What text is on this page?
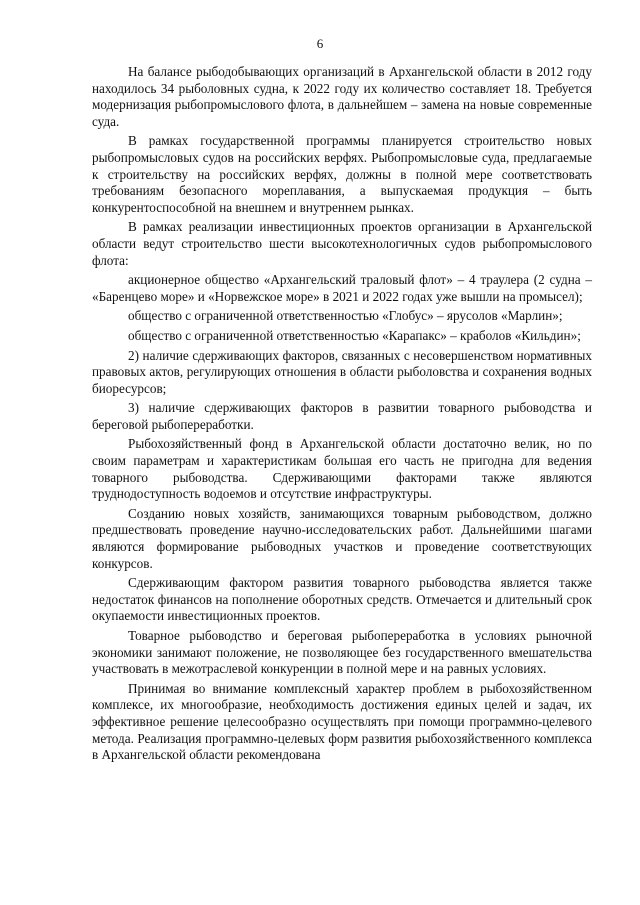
6

На балансе рыбодобывающих организаций в Архангельской области в 2012 году находилось 34 рыболовных судна, к 2022 году их количество составляет 18. Требуется модернизация рыбопромыслового флота, в дальнейшем – замена на новые современные суда.

В рамках государственной программы планируется строительство новых рыбопромысловых судов на российских верфях. Рыбопромысловые суда, предлагаемые к строительству на российских верфях, должны в полной мере соответствовать требованиям безопасного мореплавания, а выпускаемая продукция – быть конкурентоспособной на внешнем и внутреннем рынках.

В рамках реализации инвестиционных проектов организации в Архангельской области ведут строительство шести высокотехнологичных судов рыбопромыслового флота:

акционерное общество «Архангельский траловый флот» – 4 траулера (2 судна – «Баренцево море» и «Норвежское море» в 2021 и 2022 годах уже вышли на промысел);

общество с ограниченной ответственностью «Глобус» – ярусолов «Марлин»;

общество с ограниченной ответственностью «Карапакс» – краболов «Кильдин»;

2) наличие сдерживающих факторов, связанных с несовершенством нормативных правовых актов, регулирующих отношения в области рыболовства и сохранения водных биоресурсов;

3) наличие сдерживающих факторов в развитии товарного рыбоводства и береговой рыбопереработки.

Рыбохозяйственный фонд в Архангельской области достаточно велик, но по своим параметрам и характеристикам большая его часть не пригодна для ведения товарного рыбоводства. Сдерживающими факторами также являются труднодоступность водоемов и отсутствие инфраструктуры.

Созданию новых хозяйств, занимающихся товарным рыбоводством, должно предшествовать проведение научно-исследовательских работ. Дальнейшими шагами являются формирование рыбоводных участков и проведение соответствующих конкурсов.

Сдерживающим фактором развития товарного рыбоводства является также недостаток финансов на пополнение оборотных средств. Отмечается и длительный срок окупаемости инвестиционных проектов.

Товарное рыбоводство и береговая рыбопереработка в условиях рыночной экономики занимают положение, не позволяющее без государственного вмешательства участвовать в межотраслевой конкуренции в полной мере и на равных условиях.

Принимая во внимание комплексный характер проблем в рыбохозяйственном комплексе, их многообразие, необходимость достижения единых целей и задач, их эффективное решение целесообразно осуществлять при помощи программно-целевого метода. Реализация программно-целевых форм развития рыбохозяйственного комплекса в Архангельской области рекомендована
